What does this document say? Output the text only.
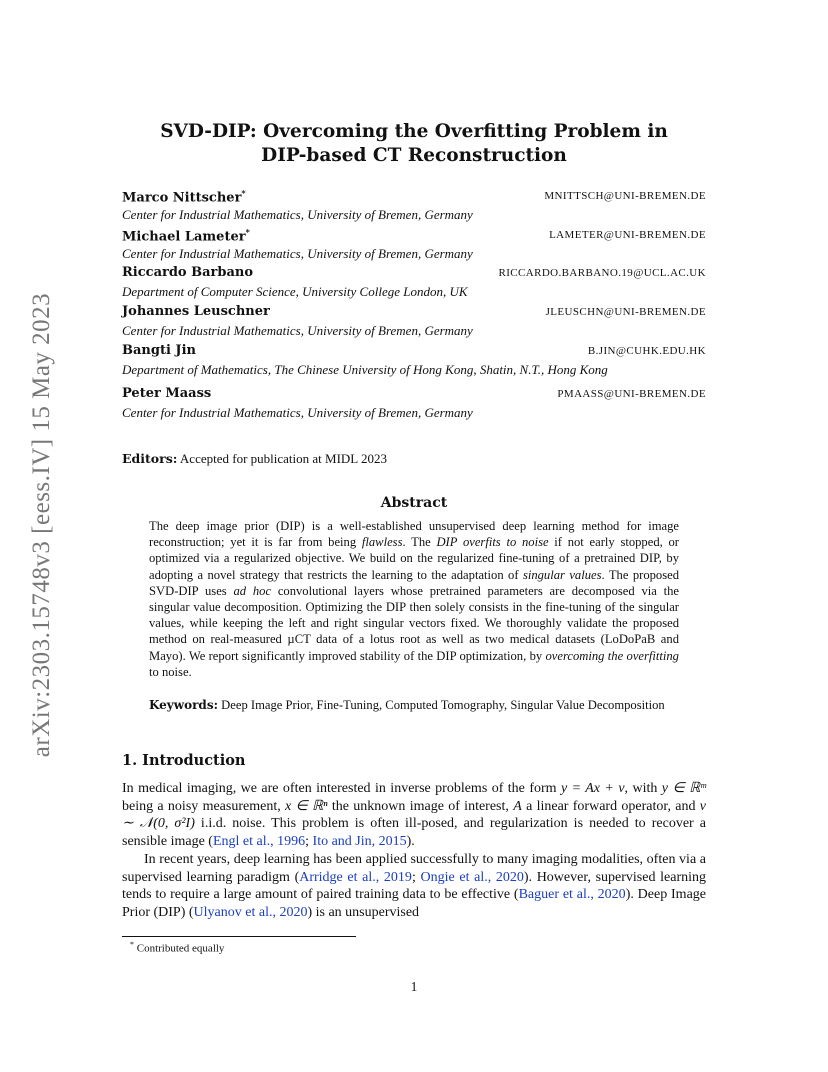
arXiv:2303.15748v3 [eess.IV] 15 May 2023
SVD-DIP: Overcoming the Overfitting Problem in
DIP-based CT Reconstruction
Marco Nittscher*	MNITTSCH@UNI-BREMEN.DE
Center for Industrial Mathematics, University of Bremen, Germany
Michael Lameter*	LAMETER@UNI-BREMEN.DE
Center for Industrial Mathematics, University of Bremen, Germany
Riccardo Barbano	RICCARDO.BARBANO.19@UCL.AC.UK
Department of Computer Science, University College London, UK
Johannes Leuschner	JLEUSCHN@UNI-BREMEN.DE
Center for Industrial Mathematics, University of Bremen, Germany
Bangti Jin	B.JIN@CUHK.EDU.HK
Department of Mathematics, The Chinese University of Hong Kong, Shatin, N.T., Hong Kong
Peter Maass	PMAASS@UNI-BREMEN.DE
Center for Industrial Mathematics, University of Bremen, Germany
Editors: Accepted for publication at MIDL 2023
Abstract
The deep image prior (DIP) is a well-established unsupervised deep learning method for image reconstruction; yet it is far from being flawless. The DIP overfits to noise if not early stopped, or optimized via a regularized objective. We build on the regularized fine-tuning of a pretrained DIP, by adopting a novel strategy that restricts the learning to the adaptation of singular values. The proposed SVD-DIP uses ad hoc convolutional layers whose pretrained parameters are decomposed via the singular value decomposition. Optimizing the DIP then solely consists in the fine-tuning of the singular values, while keeping the left and right singular vectors fixed. We thoroughly validate the proposed method on real-measured µCT data of a lotus root as well as two medical datasets (LoDoPaB and Mayo). We report significantly improved stability of the DIP optimization, by overcoming the overfitting to noise.
Keywords: Deep Image Prior, Fine-Tuning, Computed Tomography, Singular Value Decomposition
1. Introduction

In medical imaging, we are often interested in inverse problems of the form y = Ax + ν, with y ∈ ℝᵐ being a noisy measurement, x ∈ ℝⁿ the unknown image of interest, A a linear forward operator, and ν ∼ 𝒩(0, σ²I) i.i.d. noise. This problem is often ill-posed, and regularization is needed to recover a sensible image (Engl et al., 1996; Ito and Jin, 2015).

In recent years, deep learning has been applied successfully to many imaging modalities, often via a supervised learning paradigm (Arridge et al., 2019; Ongie et al., 2020). However, supervised learning tends to require a large amount of paired training data to be effective (Baguer et al., 2020). Deep Image Prior (DIP) (Ulyanov et al., 2020) is an unsupervised

* Contributed equally
1
